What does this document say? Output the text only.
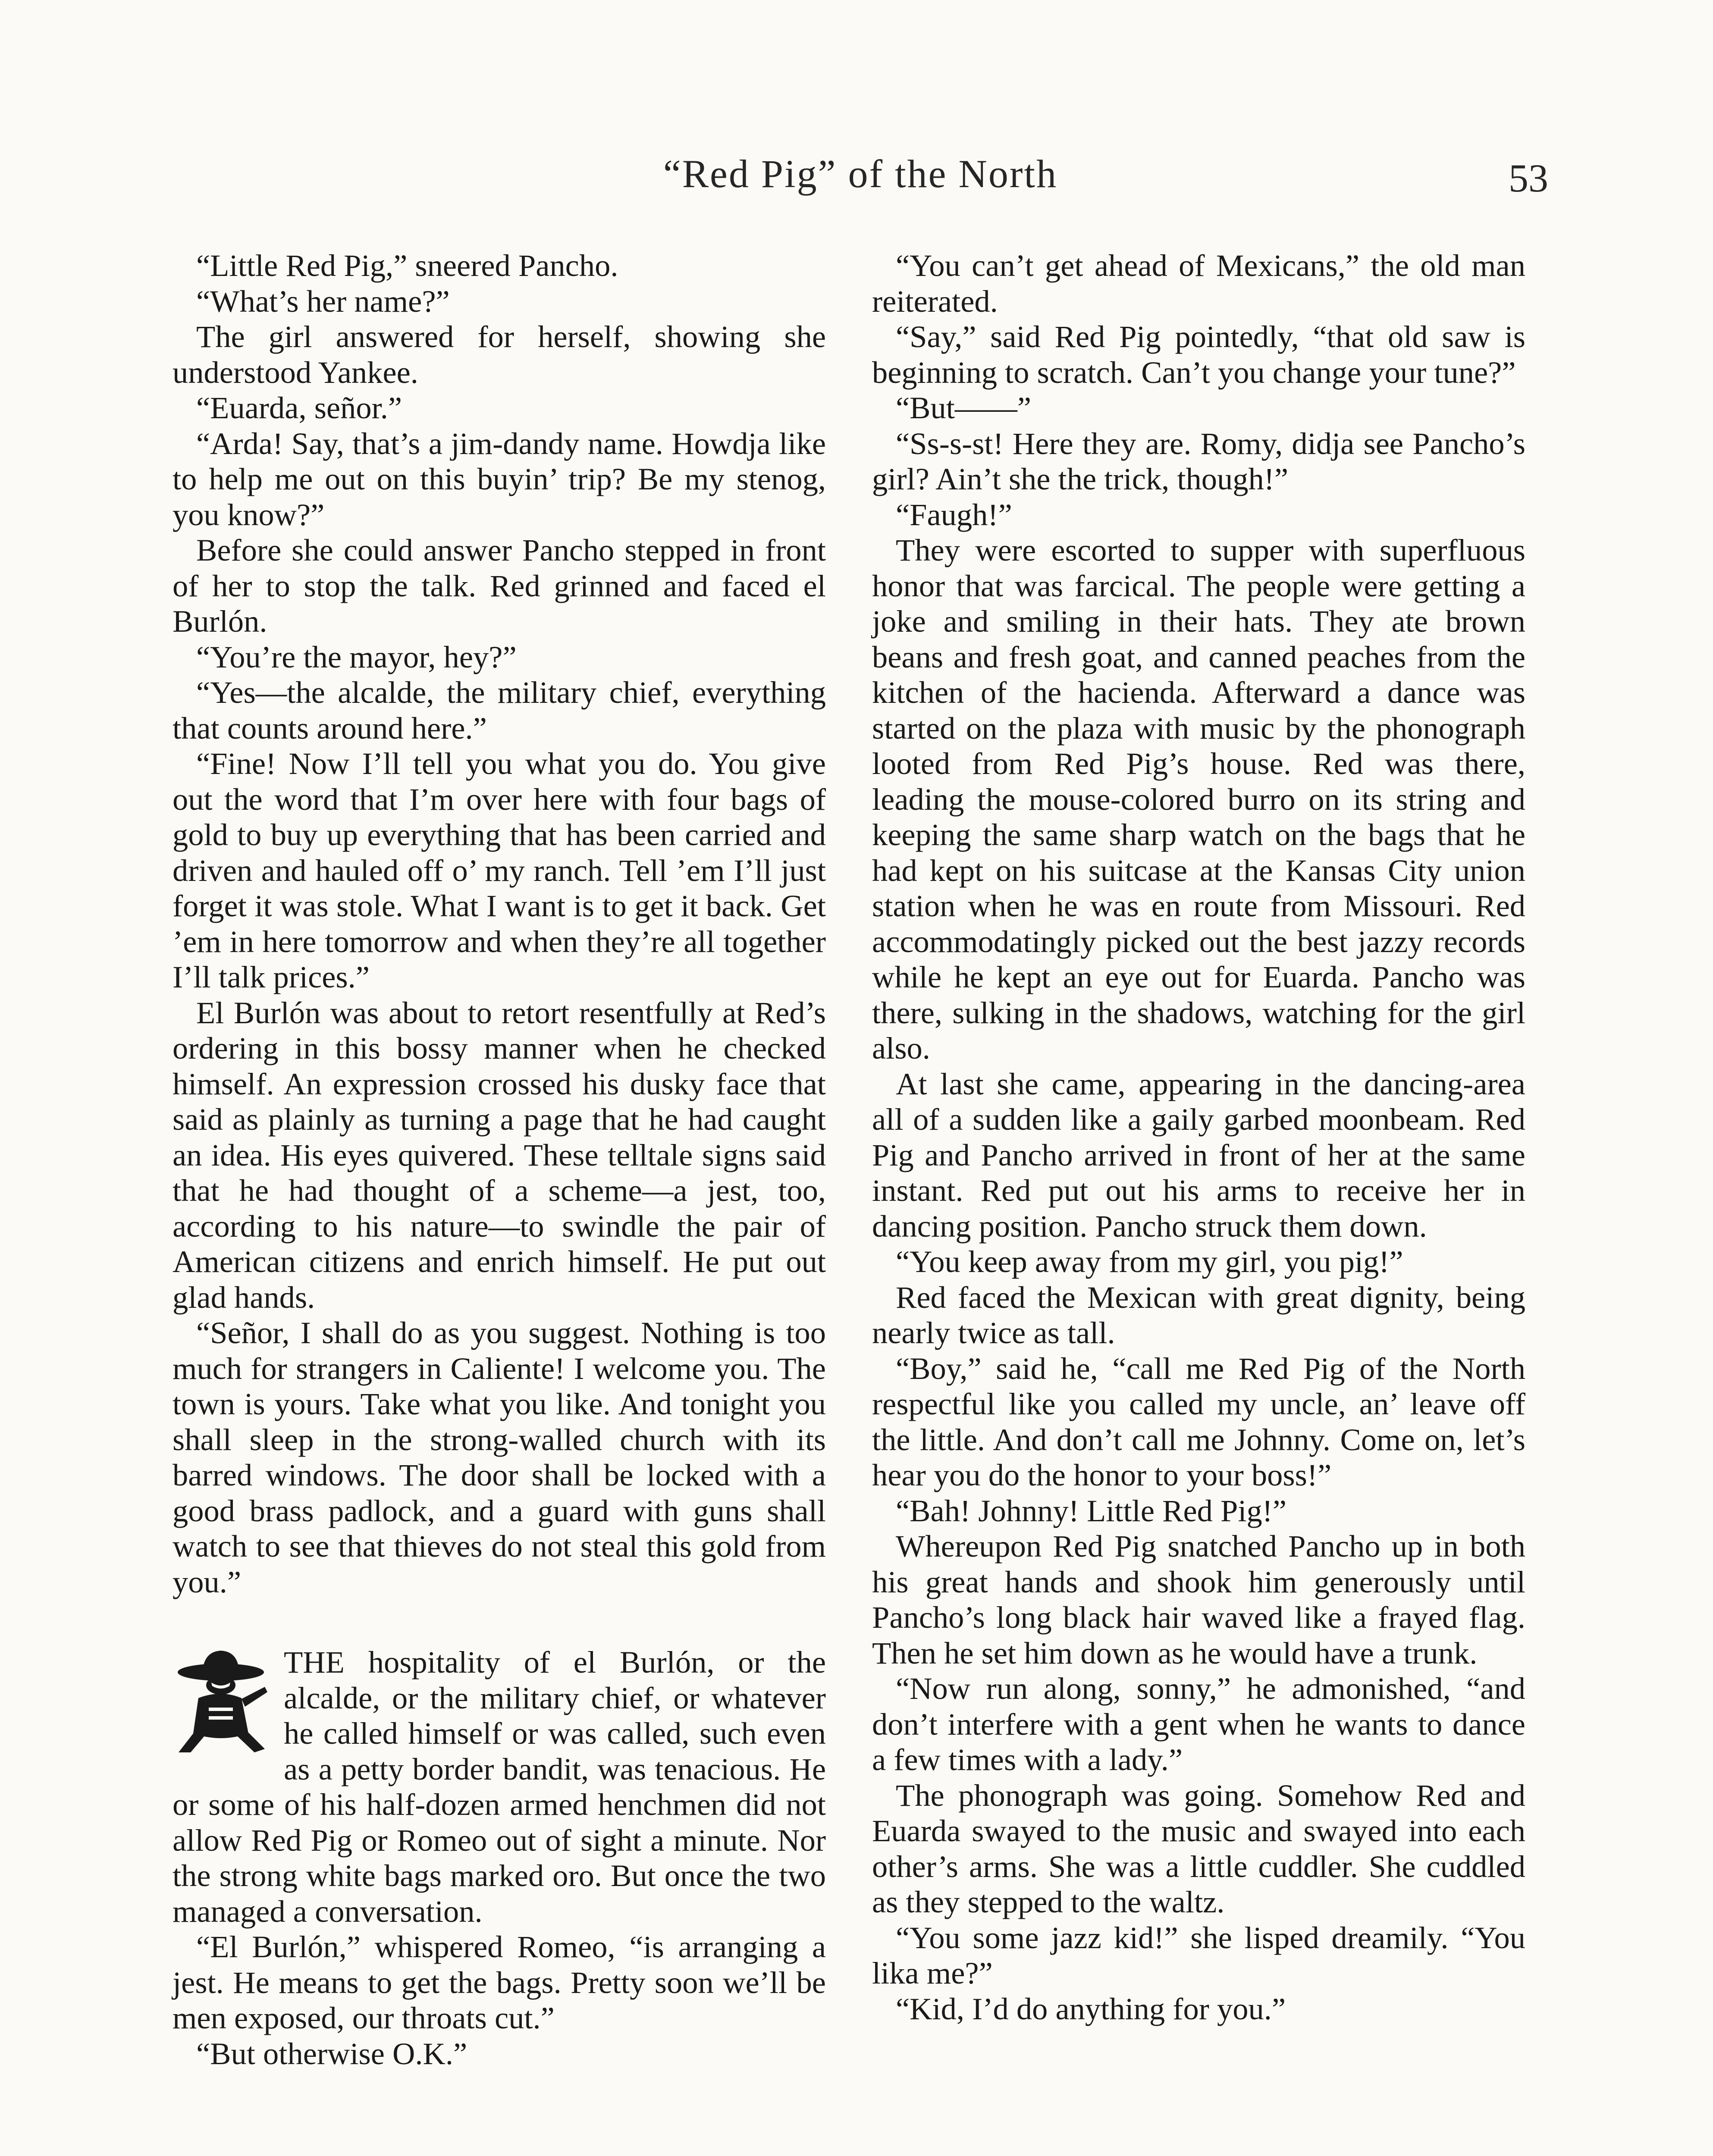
“Red Pig” of the North	53

“Little Red Pig,” sneered Pancho.

“What’s her name?”

The girl answered for herself, showing she understood Yankee.

“Euarda, señor.”

“Arda! Say, that’s a jim-dandy name. Howdja like to help me out on this buyin’ trip? Be my stenog, you know?”

Before she could answer Pancho stepped in front of her to stop the talk. Red grinned and faced el Burlón.

“You’re the mayor, hey?”

“Yes—the alcalde, the military chief, everything that counts around here.”

“Fine! Now I’ll tell you what you do. You give out the word that I’m over here with four bags of gold to buy up everything that has been carried and driven and hauled off o’ my ranch. Tell ’em I’ll just forget it was stole. What I want is to get it back. Get ’em in here tomorrow and when they’re all together I’ll talk prices.”

El Burlón was about to retort resentfully at Red’s ordering in this bossy manner when he checked himself. An expression crossed his dusky face that said as plainly as turning a page that he had caught an idea. His eyes quivered. These telltale signs said that he had thought of a scheme—a jest, too, according to his nature—to swindle the pair of American citizens and enrich himself. He put out glad hands.

“Señor, I shall do as you suggest. Nothing is too much for strangers in Caliente! I welcome you. The town is yours. Take what you like. And tonight you shall sleep in the strong-walled church with its barred windows. The door shall be locked with a good brass padlock, and a guard with guns shall watch to see that thieves do not steal this gold from you.”

THE hospitality of el Burlón, or the alcalde, or the military chief, or whatever he called himself or was called, such even as a petty border bandit, was tenacious. He or some of his half-dozen armed henchmen did not allow Red Pig or Romeo out of sight a minute. Nor the strong white bags marked oro. But once the two managed a conversation.

“El Burlón,” whispered Romeo, “is arranging a jest. He means to get the bags. Pretty soon we’ll be men exposed, our throats cut.”

“But otherwise O.K.”

“You can’t get ahead of Mexicans,” the old man reiterated.

“Say,” said Red Pig pointedly, “that old saw is beginning to scratch. Can’t you change your tune?”

“But——”

“Ss-s-st! Here they are. Romy, didja see Pancho’s girl? Ain’t she the trick, though!”

“Faugh!”

They were escorted to supper with superfluous honor that was farcical. The people were getting a joke and smiling in their hats. They ate brown beans and fresh goat, and canned peaches from the kitchen of the hacienda. Afterward a dance was started on the plaza with music by the phonograph looted from Red Pig’s house. Red was there, leading the mouse-colored burro on its string and keeping the same sharp watch on the bags that he had kept on his suitcase at the Kansas City union station when he was en route from Missouri. Red accommodatingly picked out the best jazzy records while he kept an eye out for Euarda. Pancho was there, sulking in the shadows, watching for the girl also.

At last she came, appearing in the dancing-area all of a sudden like a gaily garbed moonbeam. Red Pig and Pancho arrived in front of her at the same instant. Red put out his arms to receive her in dancing position. Pancho struck them down.

“You keep away from my girl, you pig!”

Red faced the Mexican with great dignity, being nearly twice as tall.

“Boy,” said he, “call me Red Pig of the North respectful like you called my uncle, an’ leave off the little. And don’t call me Johnny. Come on, let’s hear you do the honor to your boss!”

“Bah! Johnny! Little Red Pig!”

Whereupon Red Pig snatched Pancho up in both his great hands and shook him generously until Pancho’s long black hair waved like a frayed flag. Then he set him down as he would have a trunk.

“Now run along, sonny,” he admonished, “and don’t interfere with a gent when he wants to dance a few times with a lady.”

The phonograph was going. Somehow Red and Euarda swayed to the music and swayed into each other’s arms. She was a little cuddler. She cuddled as they stepped to the waltz.

“You some jazz kid!” she lisped dreamily. “You lika me?”

“Kid, I’d do anything for you.”
